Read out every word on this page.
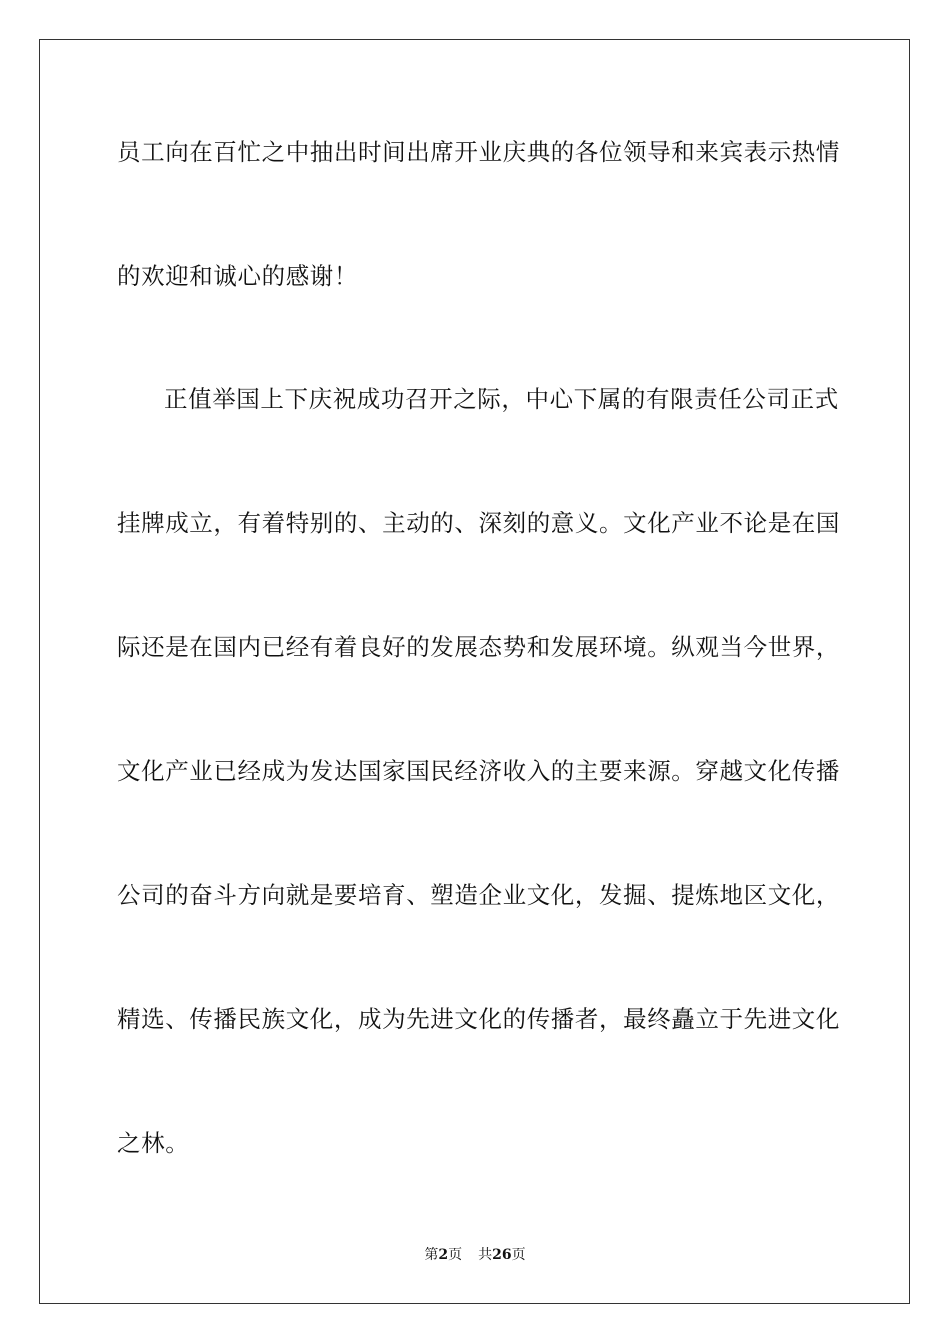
员工向在百忙之中抽出时间出席开业庆典的各位领导和来宾表示热情
的欢迎和诚心的感谢！
正值举国上下庆祝成功召开之际，中心下属的有限责任公司正式
挂牌成立，有着特别的、主动的、深刻的意义。文化产业不论是在国
际还是在国内已经有着良好的发展态势和发展环境。纵观当今世界，
文化产业已经成为发达国家国民经济收入的主要来源。穿越文化传播
公司的奋斗方向就是要培育、塑造企业文化，发掘、提炼地区文化，
精选、传播民族文化，成为先进文化的传播者，最终矗立于先进文化
之林。
第2页 共26页
